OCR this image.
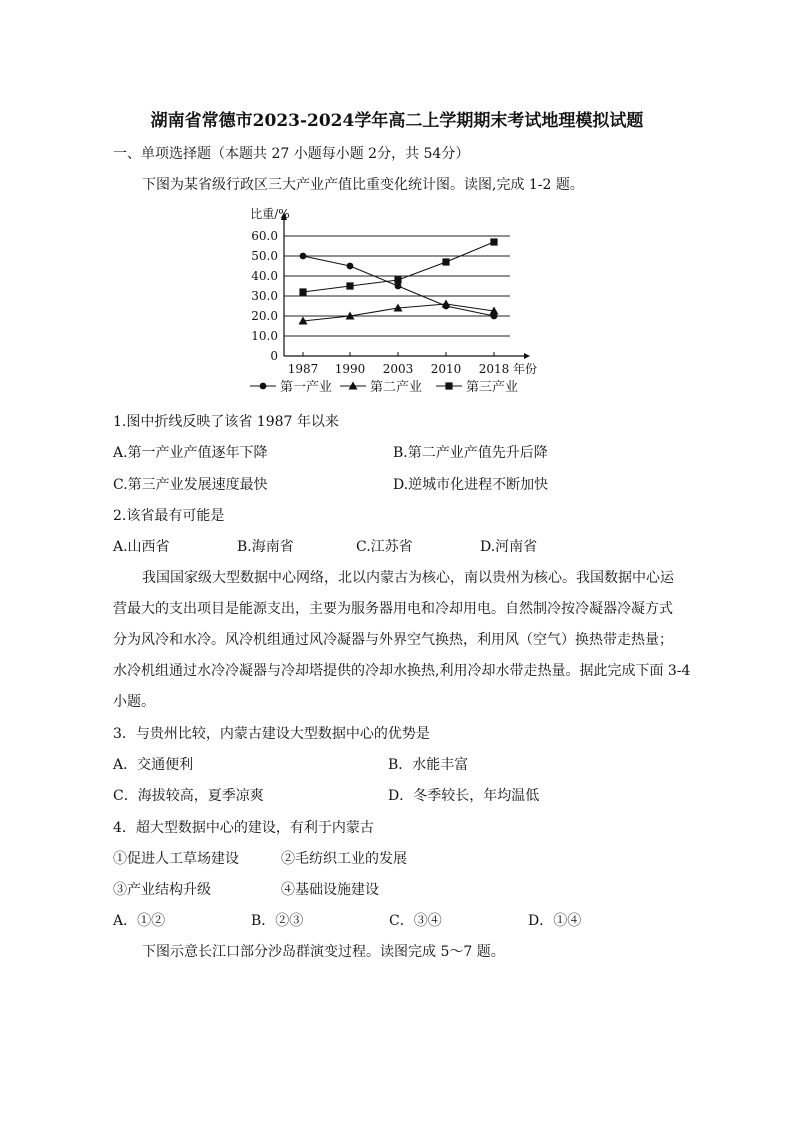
湖南省常德市2023-2024学年高二上学期期末考试地理模拟试题
一、单项选择题（本题共 27 小题每小题 2分，共 54分）
下图为某省级行政区三大产业产值比重变化统计图。读图,完成 1-2 题。
0
10.0
20.0
30.0
40.0
50.0
60.0
比重/%
1987 1990 2003 2010 2018 年份
第一产业	第二产业	第三产业
1.图中折线反映了该省 1987 年以来
A.第一产业产值逐年下降	B.第二产业产值先升后降
C.第三产业发展速度最快	D.逆城市化进程不断加快
2.该省最有可能是
A.山西省	B.海南省	C.江苏省	D.河南省
我国国家级大型数据中心网络，北以内蒙古为核心，南以贵州为核心。我国数据中心运
营最大的支出项目是能源支出，主要为服务器用电和冷却用电。自然制冷按冷凝器冷凝方式
分为风冷和水冷。风冷机组通过风冷凝器与外界空气换热，利用风（空气）换热带走热量；
水冷机组通过水冷冷凝器与冷却塔提供的冷却水换热,利用冷却水带走热量。据此完成下面 3-4
小题。
3．与贵州比较，内蒙古建设大型数据中心的优势是
A．交通便利	B．水能丰富
C．海拔较高，夏季凉爽	D．冬季较长，年均温低
4．超大型数据中心的建设，有利于内蒙古
①促进人工草场建设	②毛纺织工业的发展
③产业结构升级	④基础设施建设
A．①②	B．②③	C．③④	D．①④
下图示意长江口部分沙岛群演变过程。读图完成 5～7 题。
